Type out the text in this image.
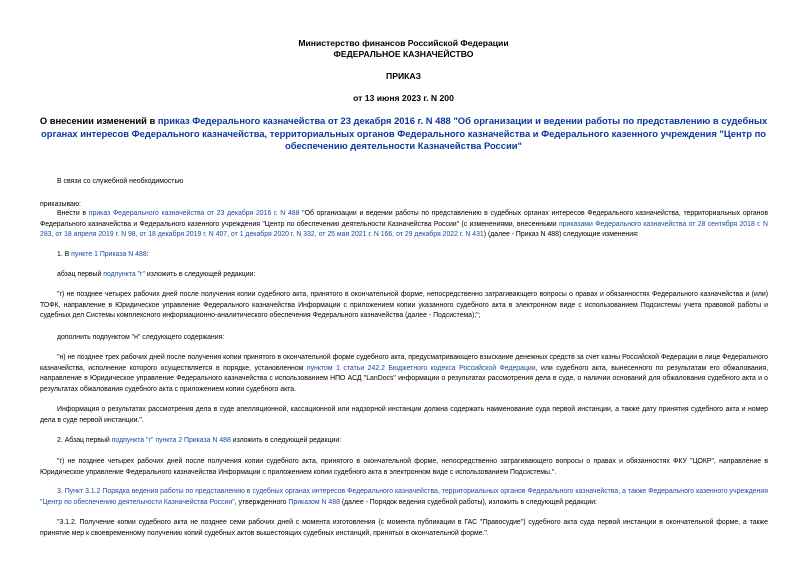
Министерство финансов Российской Федерации
ФЕДЕРАЛЬНОЕ КАЗНАЧЕЙСТВО
ПРИКАЗ
от 13 июня 2023 г. N 200
О внесении изменений в приказ Федерального казначейства от 23 декабря 2016 г. N 488 "Об организации и ведении работы по представлению в судебных органах интересов Федерального казначейства, территориальных органов Федерального казначейства и Федерального казенного учреждения "Центр по обеспечению деятельности Казначейства России"
В связи со служебной необходимостью
приказываю:
Внести в приказ Федерального казначейства от 23 декабря 2016 г. N 488 "Об организации и ведении работы по представлению в судебных органах интересов Федерального казначейства, территориальных органов Федерального казначейства и Федерального казенного учреждения "Центр по обеспечению деятельности Казначейства России" (с изменениями, внесенными приказами Федерального казначейства от 28 сентября 2018 г. N 283, от 18 апреля 2019 г. N 98, от 18 декабря 2019 г. N 407, от 1 декабря 2020 г. N 332, от 25 мая 2021 г. N 166, от 29 декабря 2022 г. N 431) (далее - Приказ N 488) следующие изменения:
1. В пункте 1 Приказа N 488:
абзац первый подпункта "г" изложить в следующей редакции:
"г) не позднее четырех рабочих дней после получения копии судебного акта, принятого в окончательной форме, непосредственно затрагивающего вопросы о правах и обязанностях Федерального казначейства и (или) ТОФК, направление в Юридическое управление Федерального казначейства Информации с приложением копии указанного судебного акта в электронном виде с использованием Подсистемы учета правовой работы и судебных дел Системы комплексного информационно-аналитического обеспечения Федерального казначейства (далее - Подсистема);";
дополнить подпунктом "н" следующего содержания:
"н) не позднее трех рабочих дней после получения копии принятого в окончательной форме судебного акта, предусматривающего взыскание денежных средств за счет казны Российской Федерации в лице Федерального казначейства, исполнение которого осуществляется в порядке, установленном пунктом 1 статьи 242.2 Бюджетного кодекса Российской Федерации, или судебного акта, вынесенного по результатам его обжалования, направление в Юридическое управление Федерального казначейства с использованием НПО АСД "LanDocs" информации о результатах рассмотрения дела в суде, о наличии оснований для обжалования судебного акта и о результатах обжалования судебного акта с приложением копии судебного акта.
Информация о результатах рассмотрения дела в суде апелляционной, кассационной или надзорной инстанции должна содержать наименование суда первой инстанции, а также дату принятия судебного акта и номер дела в суде первой инстанции.".
2. Абзац первый подпункта "г" пункта 2 Приказа N 488 изложить в следующей редакции:
"г) не позднее четырех рабочих дней после получения копии судебного акта, принятого в окончательной форме, непосредственно затрагивающего вопросы о правах и обязанностях ФКУ "ЦОКР", направление в Юридическое управление Федерального казначейства Информации с приложением копии судебного акта в электронном виде с использованием Подсистемы.".
3. Пункт 3.1.2 Порядка ведения работы по представлению в судебных органах интересов Федерального казначейства, территориальных органов Федерального казначейства, а также Федерального казенного учреждения "Центр по обеспечению деятельности Казначейства России", утвержденного Приказом N 488 (далее - Порядок ведения судебной работы), изложить в следующей редакции:
"3.1.2. Получение копии судебного акта не позднее семи рабочих дней с момента изготовления (с момента публикации в ГАС "Правосудие") судебного акта суда первой инстанции в окончательной форме, а также принятие мер к своевременному получению копий судебных актов вышестоящих судебных инстанций, принятых в окончательной форме.".
